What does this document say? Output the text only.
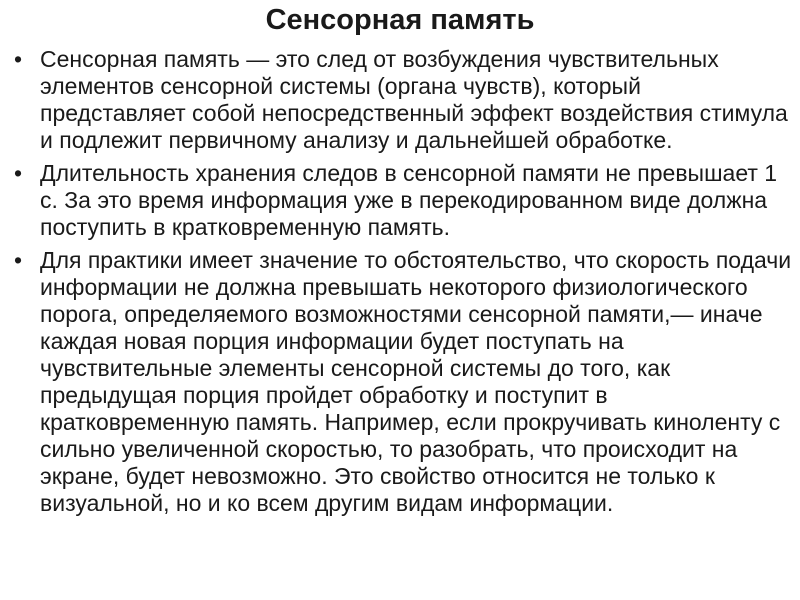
Сенсорная память
• Сенсорная память — это след от возбуждения чувствительных элементов сенсорной системы (органа чувств), который представляет собой непосредственный эффект воздействия стимула и подлежит первичному анализу и дальнейшей обработке.
• Длительность хранения следов в сенсорной памяти не превышает 1 с. За это время информация уже в перекодированном виде должна поступить в кратковременную память.
• Для практики имеет значение то обстоятельство, что скорость подачи информации не должна превышать некоторого физиологического порога, определяемого возможностями сенсорной памяти,— иначе каждая новая порция информации будет поступать на чувствительные элементы сенсорной системы до того, как предыдущая порция пройдет обработку и поступит в кратковременную память. Например, если прокручивать киноленту с сильно увеличенной скоростью, то разобрать, что происходит на экране, будет невозможно. Это свойство относится не только к визуальной, но и ко всем другим видам информации.
